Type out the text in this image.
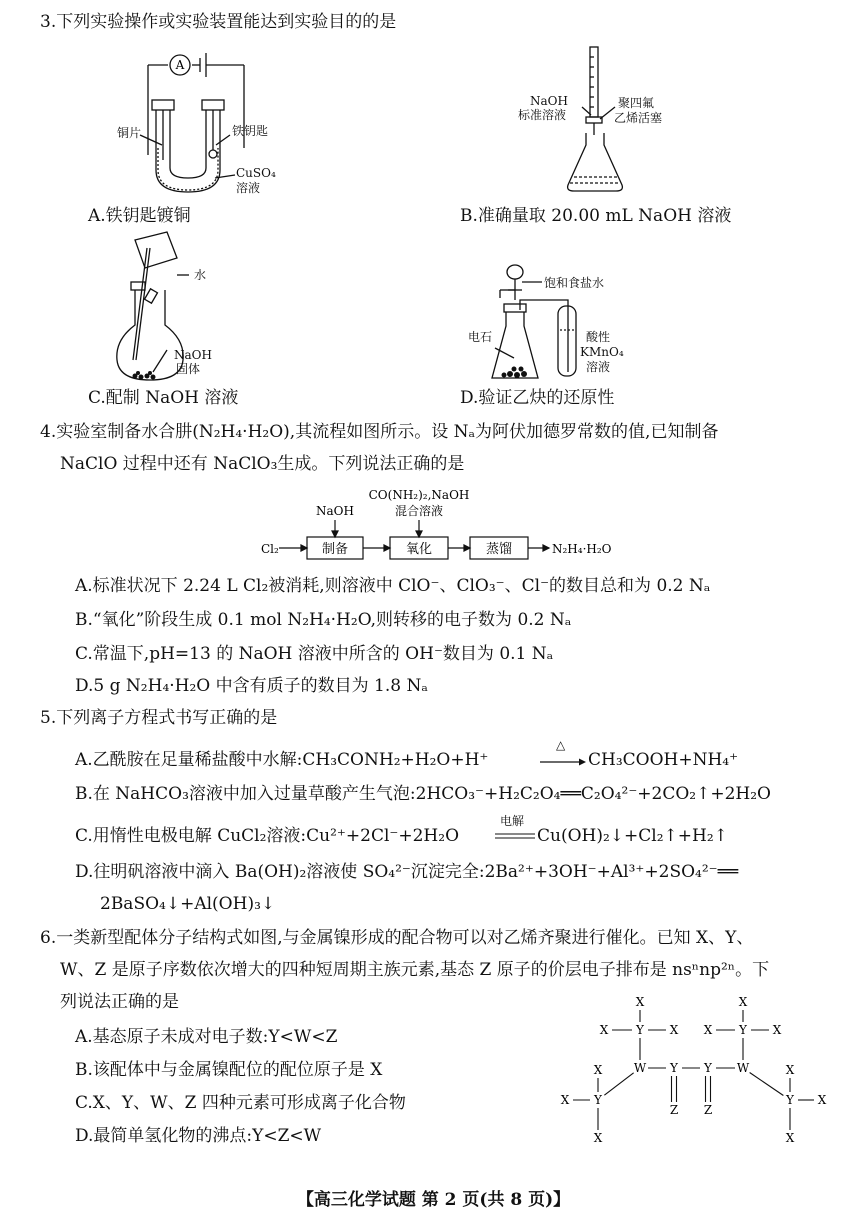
3.下列实验操作或实验装置能达到实验目的的是
A
铜片	铁钥匙
CuSO₄
溶液
A.铁钥匙镀铜
NaOH
标准溶液
聚四氟
乙烯活塞
B.准确量取 20.00 mL NaOH 溶液
水
NaOH
固体
C.配制 NaOH 溶液
饱和食盐水
电石	酸性
KMnO₄
溶液
D.验证乙炔的还原性
4.实验室制备水合肼(N₂H₄·H₂O),其流程如图所示。设 Nₐ为阿伏加德罗常数的值,已知制备
NaClO 过程中还有 NaClO₃生成。下列说法正确的是
Cl₂
NaOH
CO(NH₂)₂,NaOH
混合溶液
制备	氧化	蒸馏	N₂H₄·H₂O
A.标准状况下 2.24 L Cl₂被消耗,则溶液中 ClO⁻、ClO₃⁻、Cl⁻的数目总和为 0.2 Nₐ
B.“氧化”阶段生成 0.1 mol N₂H₄·H₂O,则转移的电子数为 0.2 Nₐ
C.常温下,pH=13 的 NaOH 溶液中所含的 OH⁻数目为 0.1 Nₐ
D.5 g N₂H₄·H₂O 中含有质子的数目为 1.8 Nₐ
5.下列离子方程式书写正确的是
A.乙酰胺在足量稀盐酸中水解:CH₃CONH₂+H₂O+H⁺
△
CH₃COOH+NH₄⁺
B.在 NaHCO₃溶液中加入过量草酸产生气泡:2HCO₃⁻+H₂C₂O₄══C₂O₄²⁻+2CO₂↑+2H₂O
C.用惰性电极电解 CuCl₂溶液:Cu²⁺+2Cl⁻+2H₂O
电解
Cu(OH)₂↓+Cl₂↑+H₂↑
D.往明矾溶液中滴入 Ba(OH)₂溶液使 SO₄²⁻沉淀完全:2Ba²⁺+3OH⁻+Al³⁺+2SO₄²⁻══
2BaSO₄↓+Al(OH)₃↓
6.一类新型配体分子结构式如图,与金属镍形成的配合物可以对乙烯齐聚进行催化。已知 X、Y、
W、Z 是原子序数依次增大的四种短周期主族元素,基态 Z 原子的价层电子排布是 nsⁿnp²ⁿ。下
列说法正确的是
A.基态原子未成对电子数:Y<W<Z
B.该配体中与金属镍配位的配位原子是 X
C.X、Y、W、Z 四种元素可形成离子化合物
D.最简单氢化物的沸点:Y<Z<W
X
X Y X
X
X Y X
W Y Y W
Z Z
X
X Y
X
X
X
Y
X
【高三化学试题 第 2 页(共 8 页)】
